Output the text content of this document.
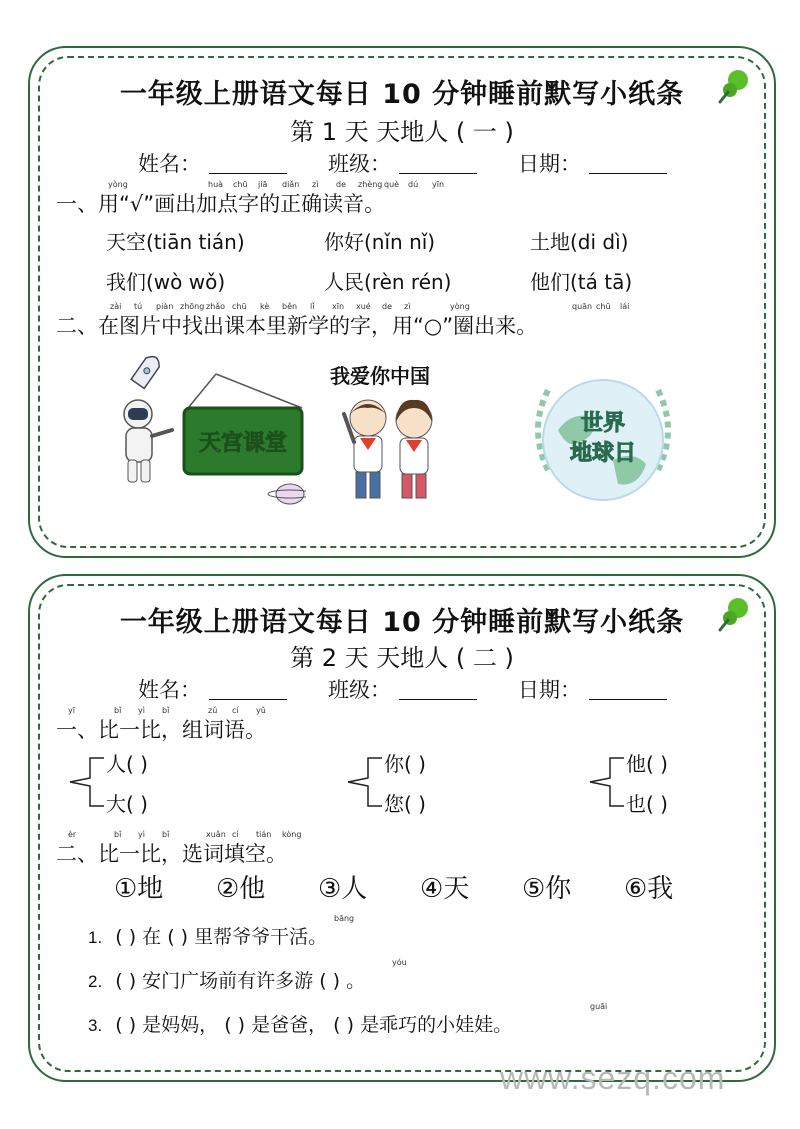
一年级上册语文每日 10 分钟睡前默写小纸条
第 1 天 天地人 ( 一 )
姓名：	班级：	日期：
yòng	huà chū jiā diǎn zì de zhèng què dú yīn
一、用“√”画出加点字的正确读音。
天空(tiān tián)	你好(nǐn nǐ)	土地(di dì)
我们(wò wǒ)	人民(rèn rén)	他们(tá tā)
zài tú piàn zhōng zhǎo chū kè běn lǐ xīn xué de zì	yòng	quān chū lái
二、在图片中找出课本里新学的字，用“○”圈出来。
天宫课堂
我爱你中国
世界
地球日
一年级上册语文每日 10 分钟睡前默写小纸条
第 2 天 天地人 ( 二 )
姓名：	班级：	日期：
yī	bǐ yì bǐ	zǔ cí yǔ
一、比一比，组词语。
人( )
大( )
你( )
您( )
他( )
也( )
èr	bǐ yì bǐ	xuǎn cí tián kòng
二、比一比，选词填空。
①地 ②他 ③人 ④天 ⑤你 ⑥我
bāng
1. ( ) 在 ( ) 里帮爷爷干活。
yóu
2. ( ) 安门广场前有许多游 ( ) 。
guāi
3. ( ) 是妈妈， ( ) 是爸爸， ( ) 是乖巧的小娃娃。
www.sezq.com
